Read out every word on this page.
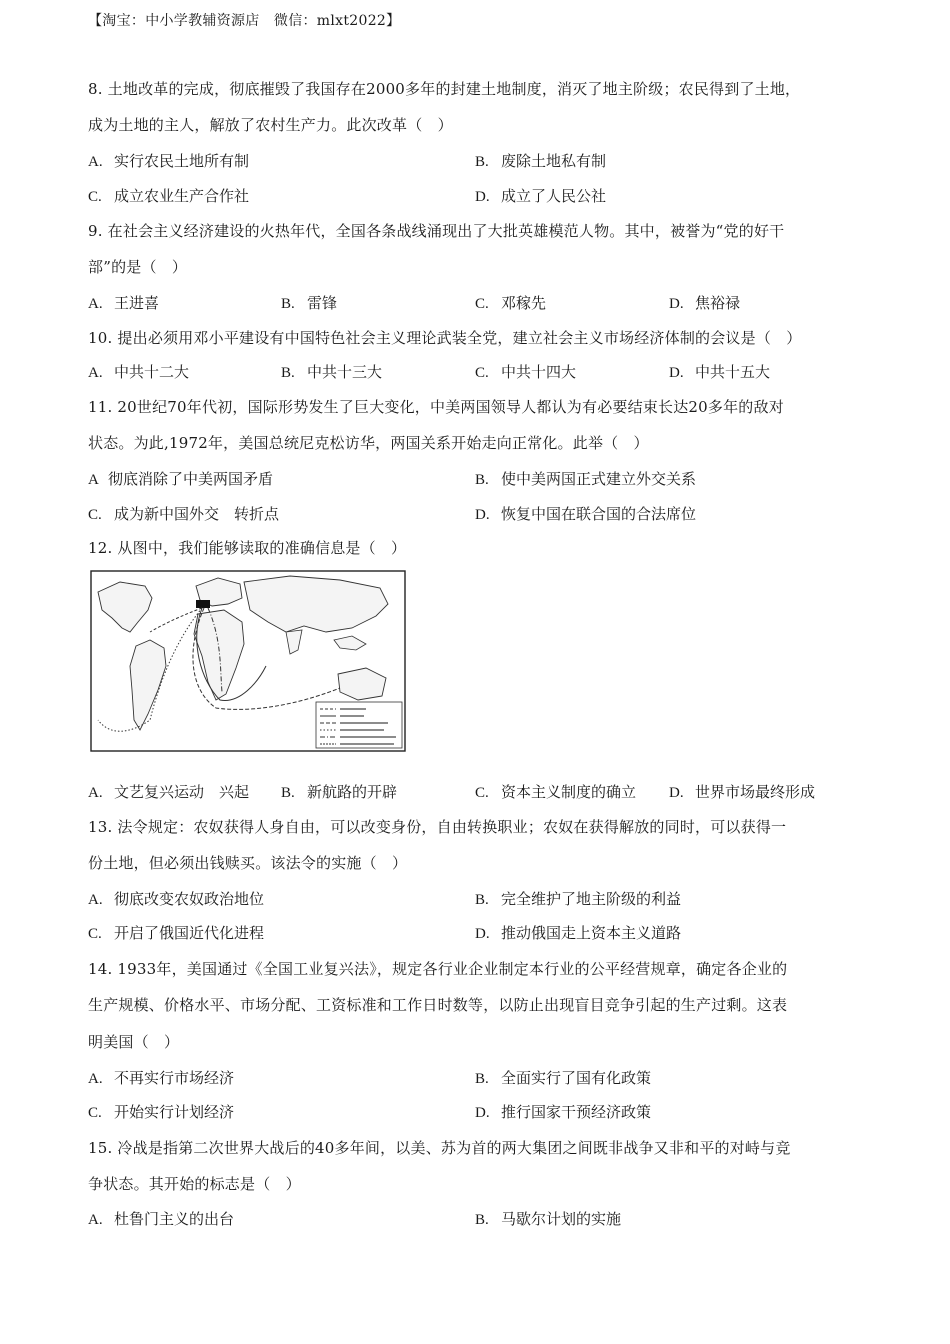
【淘宝：中小学教辅资源店　微信：mlxt2022】
8. 土地改革的完成，彻底摧毁了我国存在2000多年的封建土地制度，消灭了地主阶级；农民得到了土地，
成为土地的主人，解放了农村生产力。此次改革（　）
A. 实行农民土地所有制	B. 废除土地私有制
C. 成立农业生产合作社	D. 成立了人民公社
9. 在社会主义经济建设的火热年代，全国各条战线涌现出了大批英雄模范人物。其中，被誉为“党的好干
部”的是（　）
A. 王进喜	B. 雷锋	C. 邓稼先	D. 焦裕禄
10. 提出必须用邓小平建设有中国特色社会主义理论武装全党，建立社会主义市场经济体制的会议是（　）
A. 中共十二大	B. 中共十三大	C. 中共十四大	D. 中共十五大
11. 20世纪70年代初，国际形势发生了巨大变化，中美两国领导人都认为有必要结束长达20多年的敌对
状态。为此,1972年，美国总统尼克松访华，两国关系开始走向正常化。此举（　）
A 彻底消除了中美两国矛盾	B. 使中美两国正式建立外交关系
C. 成为新中国外交　转折点	D. 恢复中国在联合国的合法席位
12. 从图中，我们能够读取的准确信息是（　）
A. 文艺复兴运动　兴起 B. 新航路的开辟	C. 资本主义制度的确立 D. 世界市场最终形成
13. 法令规定：农奴获得人身自由，可以改变身份，自由转换职业；农奴在获得解放的同时，可以获得一
份土地，但必须出钱赎买。该法令的实施（　）
A. 彻底改变农奴政治地位	B. 完全维护了地主阶级的利益
C. 开启了俄国近代化进程	D. 推动俄国走上资本主义道路
14. 1933年，美国通过《全国工业复兴法》，规定各行业企业制定本行业的公平经营规章，确定各企业的
生产规模、价格水平、市场分配、工资标准和工作日时数等，以防止出现盲目竞争引起的生产过剩。这表
明美国（　）
A. 不再实行市场经济	B. 全面实行了国有化政策
C. 开始实行计划经济	D. 推行国家干预经济政策
15. 冷战是指第二次世界大战后的40多年间，以美、苏为首的两大集团之间既非战争又非和平的对峙与竞
争状态。其开始的标志是（　）
A. 杜鲁门主义的出台	B. 马歇尔计划的实施
